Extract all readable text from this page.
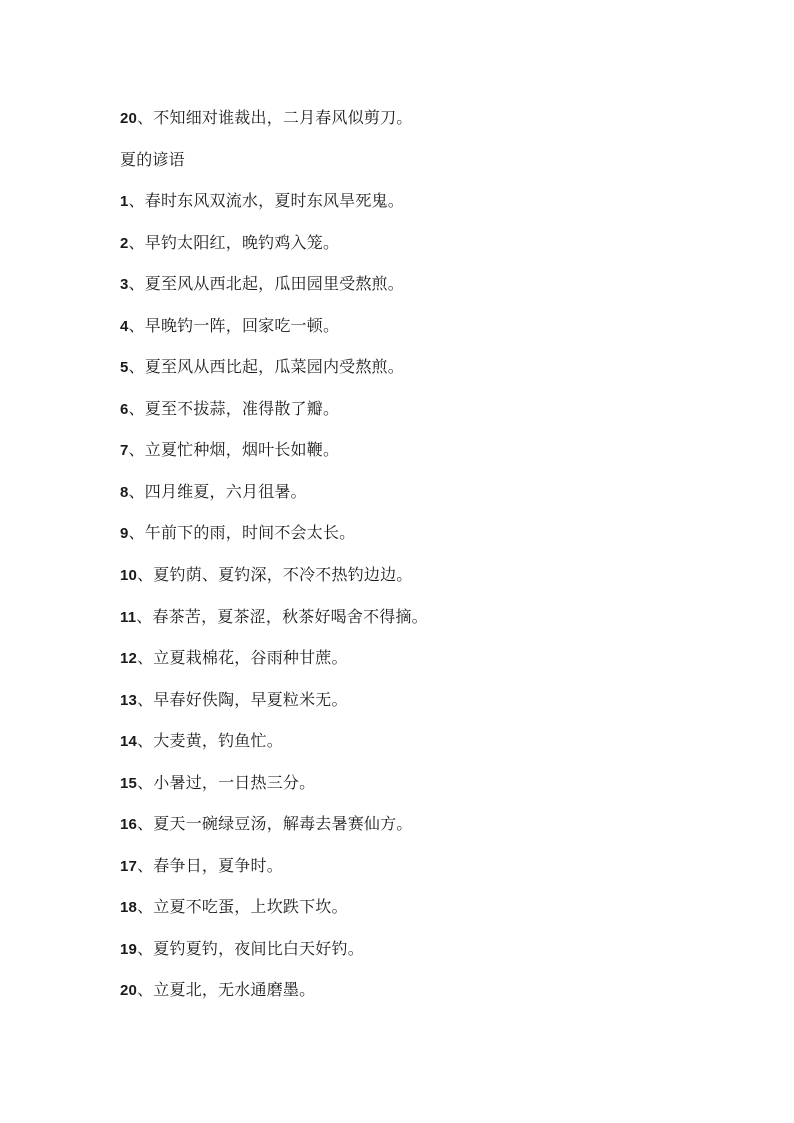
20、不知细对谁裁出，二月春风似剪刀。
夏的谚语
1、春时东风双流水，夏时东风旱死鬼。
2、早钓太阳红，晚钓鸡入笼。
3、夏至风从西北起，瓜田园里受熬煎。
4、早晚钓一阵，回家吃一顿。
5、夏至风从西比起，瓜菜园内受熬煎。
6、夏至不拔蒜，准得散了瓣。
7、立夏忙种烟，烟叶长如鞭。
8、四月维夏，六月徂暑。
9、午前下的雨，时间不会太长。
10、夏钓荫、夏钓深，不冷不热钓边边。
11、春茶苦，夏茶涩，秋茶好喝舍不得摘。
12、立夏栽棉花，谷雨种甘蔗。
13、早春好佚陶，早夏粒米无。
14、大麦黄，钓鱼忙。
15、小暑过，一日热三分。
16、夏天一碗绿豆汤，解毒去暑赛仙方。
17、春争日，夏争时。
18、立夏不吃蛋，上坎跌下坎。
19、夏钓夏钓，夜间比白天好钓。
20、立夏北，无水通磨墨。
